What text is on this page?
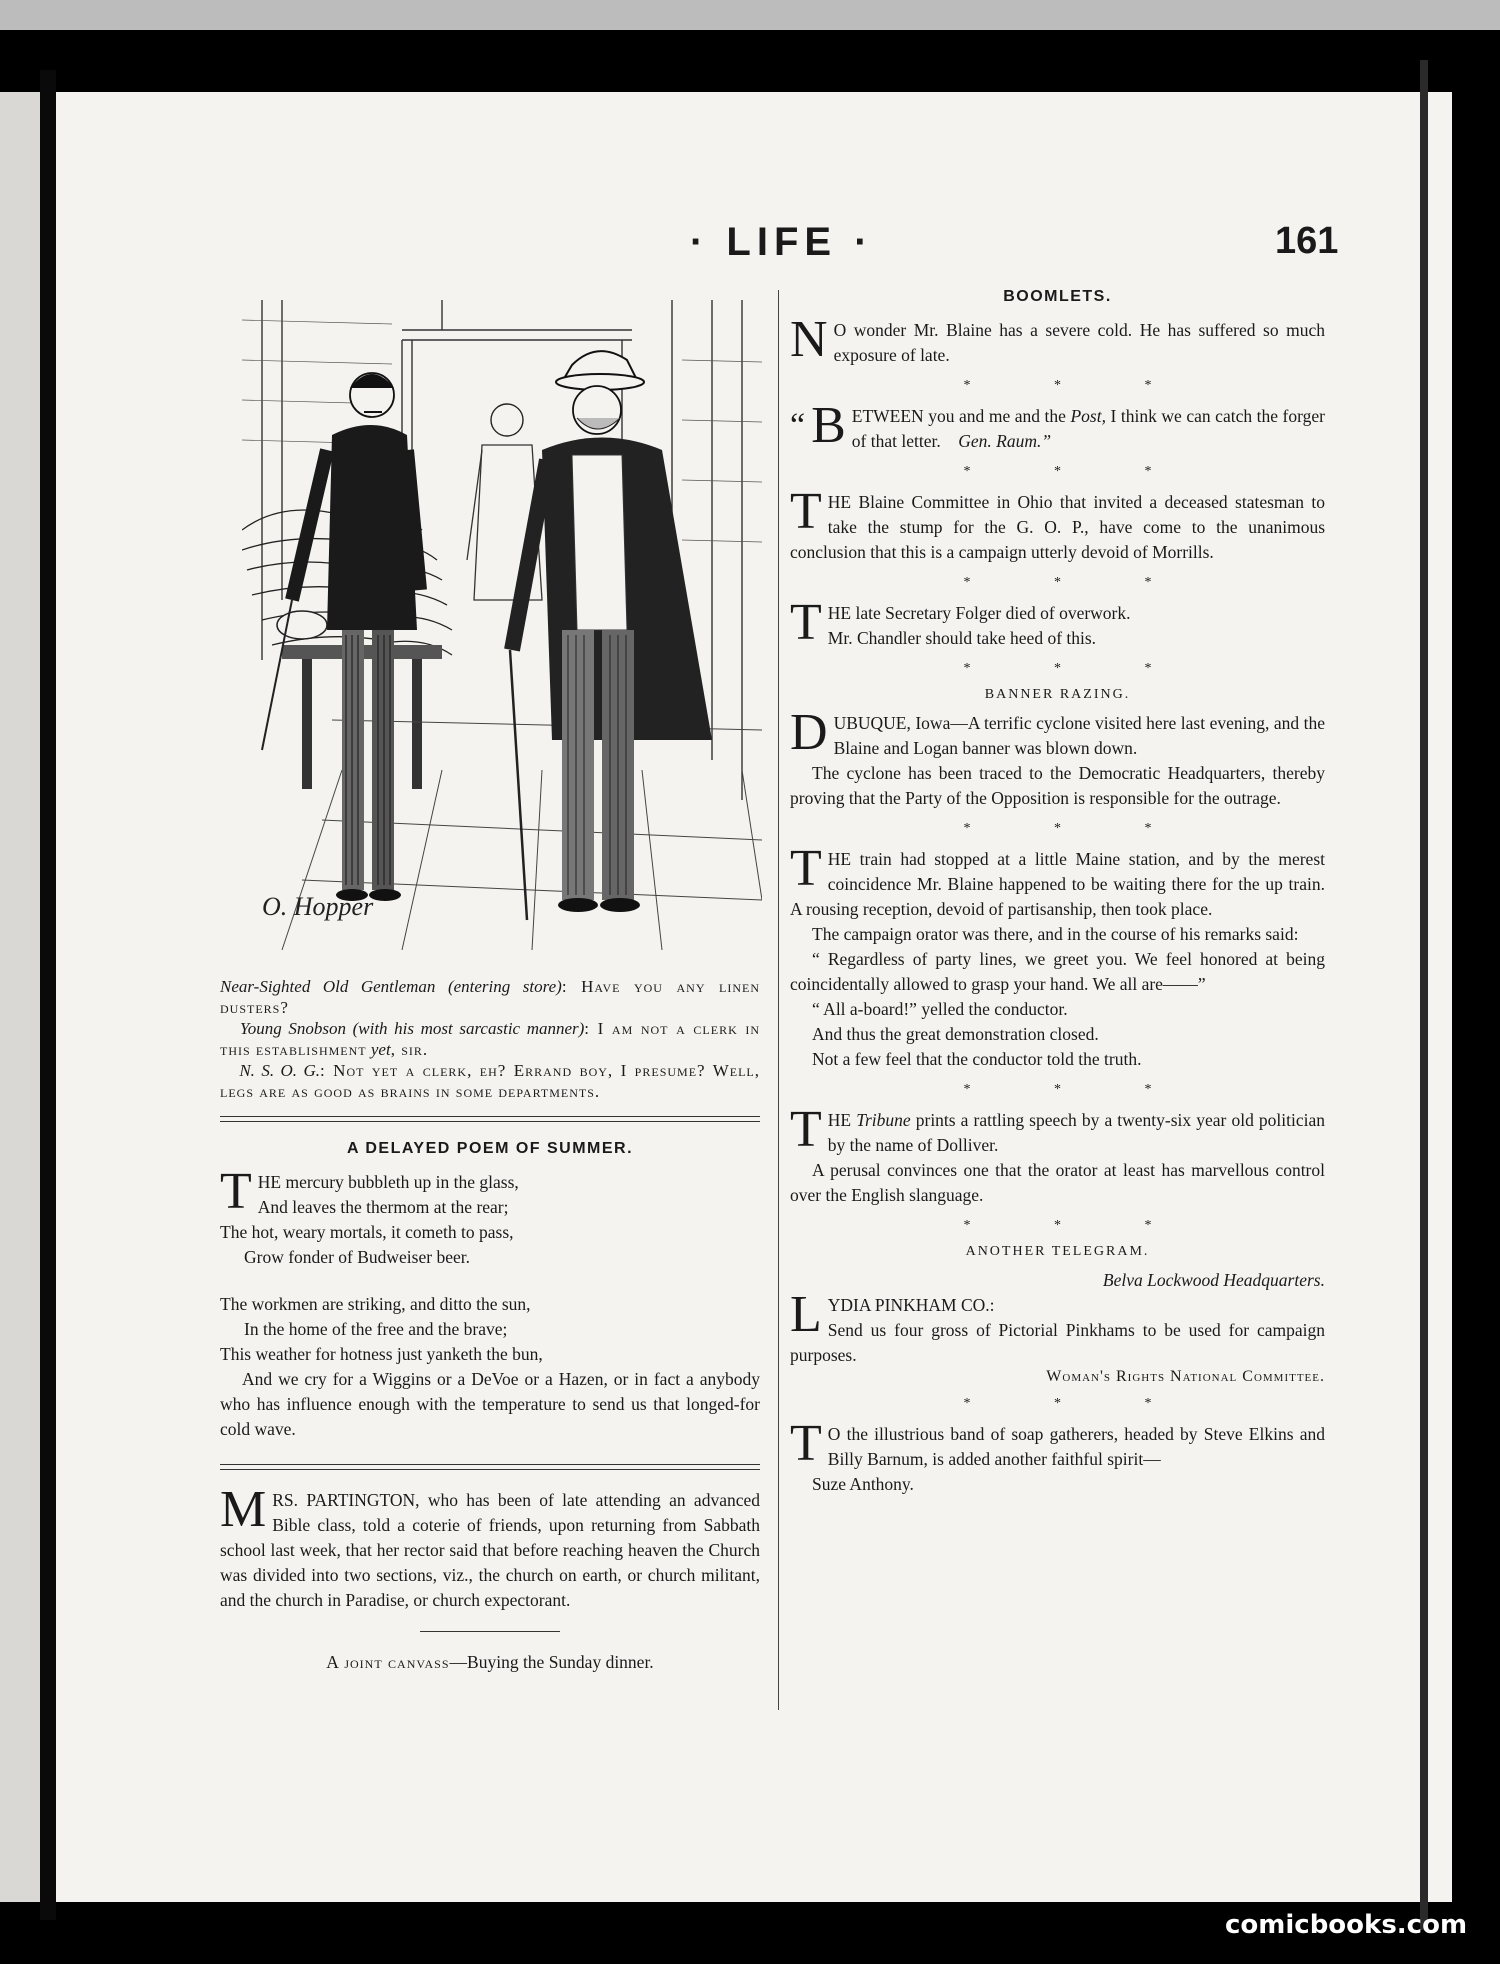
· LIFE ·	161
O. Hopper
Near-Sighted Old Gentleman (entering store): Have you any linen dusters?
Young Snobson (with his most sarcastic manner): I am not a clerk in this establishment yet, sir.
N. S. O. G.: Not yet a clerk, eh? Errand boy, I presume? Well, legs are as good as brains in some departments.
A DELAYED POEM OF SUMMER.
T HE mercury bubbleth up in the glass,
And leaves the thermom at the rear;
The hot, weary mortals, it cometh to pass,
Grow fonder of Budweiser beer.
The workmen are striking, and ditto the sun,
In the home of the free and the brave;
This weather for hotness just yanketh the bun,

And we cry for a Wiggins or a DeVoe or a Hazen, or in fact a anybody who has influence enough with the temperature to send us that longed-for cold wave.

M RS. PARTINGTON, who has been of late attending an advanced Bible class, told a coterie of friends, upon returning from Sabbath school last week, that her rector said that before reaching heaven the Church was divided into two sections, viz., the church on earth, or church militant, and the church in Paradise, or church expectorant.

A joint canvass—Buying the Sunday dinner.

BOOMLETS.
N O wonder Mr. Blaine has a severe cold. He has suffered so much exposure of late.

* * *
“ B ETWEEN you and me and the Post, I think we can catch the forger of that letter. Gen. Raum.”

* * *
T HE Blaine Committee in Ohio that invited a deceased statesman to take the stump for the G. O. P., have come to the unanimous conclusion that this is a campaign utterly devoid of Morrills.

* * *
T HE late Secretary Folger died of overwork.
Mr. Chandler should take heed of this.

* * *
BANNER RAZING.
D UBUQUE, Iowa—A terrific cyclone visited here last evening, and the Blaine and Logan banner was blown down.

The cyclone has been traced to the Democratic Headquarters, thereby proving that the Party of the Opposition is responsible for the outrage.

* * *
T HE train had stopped at a little Maine station, and by the merest coincidence Mr. Blaine happened to be waiting there for the up train. A rousing reception, devoid of partisanship, then took place.

The campaign orator was there, and in the course of his remarks said:

“ Regardless of party lines, we greet you. We feel honored at being coincidentally allowed to grasp your hand. We all are——”

“ All a-board!” yelled the conductor.

And thus the great demonstration closed.

Not a few feel that the conductor told the truth.

* * *
T HE Tribune prints a rattling speech by a twenty-six year old politician by the name of Dolliver.

A perusal convinces one that the orator at least has marvellous control over the English slanguage.

* * *
ANOTHER TELEGRAM.
Belva Lockwood Headquarters.
L YDIA PINKHAM CO.:
Send us four gross of Pictorial Pinkhams to be used for campaign purposes.

Woman's Rights National Committee.
* * *
T O the illustrious band of soap gatherers, headed by Steve Elkins and Billy Barnum, is added another faithful spirit—

Suze Anthony.

comicbooks.com
